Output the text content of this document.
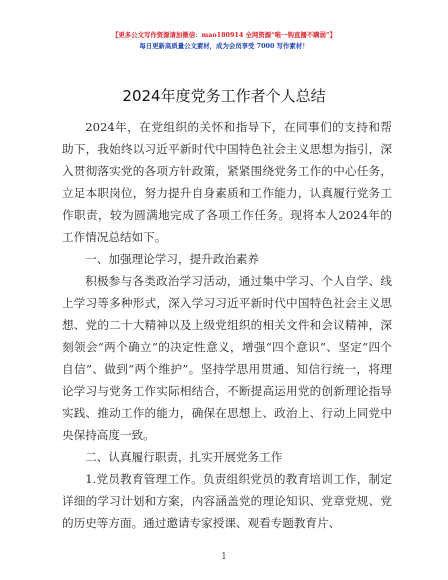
【更多公文写作资源请加微信：mao180914 全网资源“唯一钩直播不瞒弱”】
每日更新高质量公文素材，成为会员享受 7000 写作素材！
2024年度党务工作者个人总结

2024年，在党组织的关怀和指导下，在同事们的支持和帮助下，我始终以习近平新时代中国特色社会主义思想为指引，深入贯彻落实党的各项方针政策，紧紧围绕党务工作的中心任务，立足本职岗位，努力提升自身素质和工作能力，认真履行党务工作职责，较为圆满地完成了各项工作任务。现将本人2024年的工作情况总结如下。

一、加强理论学习，提升政治素养

积极参与各类政治学习活动，通过集中学习、个人自学、线上学习等多种形式，深入学习习近平新时代中国特色社会主义思想、党的二十大精神以及上级党组织的相关文件和会议精神，深刻领会“两个确立”的决定性意义，增强“四个意识”、坚定“四个自信”、做到“两个维护”。坚持学思用贯通、知信行统一，将理论学习与党务工作实际相结合，不断提高运用党的创新理论指导实践、推动工作的能力，确保在思想上、政治上、行动上同党中央保持高度一致。

二、认真履行职责，扎实开展党务工作

1.党员教育管理工作。负责组织党员的教育培训工作，制定详细的学习计划和方案，内容涵盖党的理论知识、党章党规、党的历史等方面。通过邀请专家授课、观看专题教育片、

1
